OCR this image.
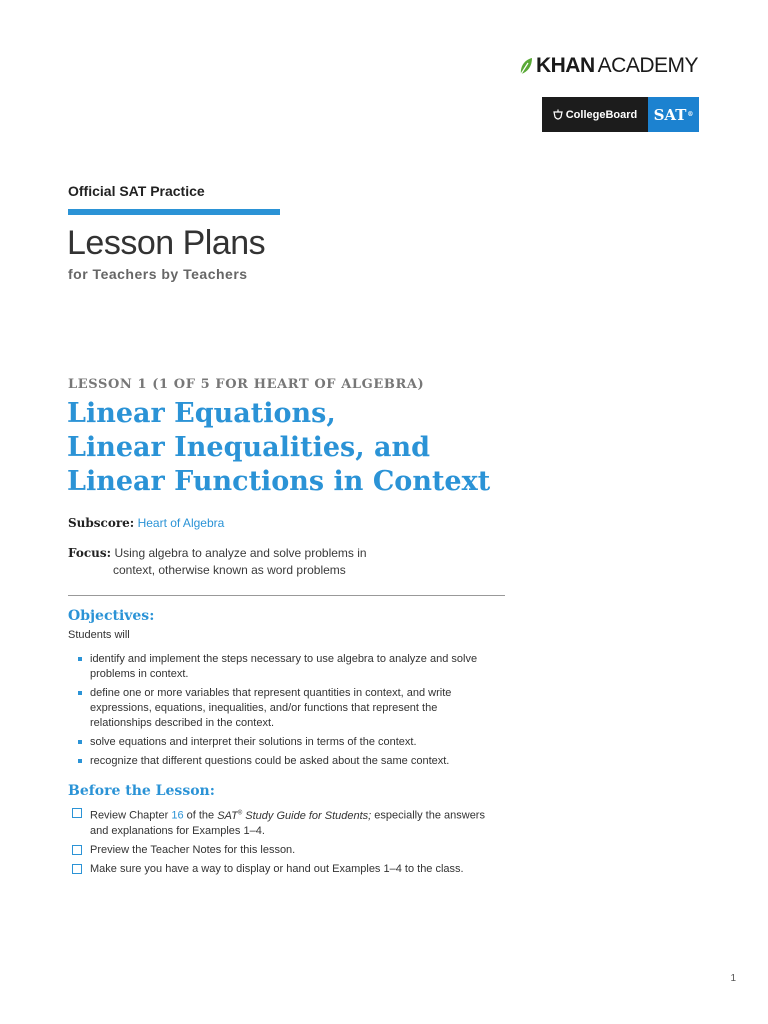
KHAN ACADEMY
CollegeBoard SAT ®
Official SAT Practice
Lesson Plans
for Teachers by Teachers
LESSON 1 (1 OF 5 FOR HEART OF ALGEBRA)
Linear Equations,
Linear Inequalities, and
Linear Functions in Context
Subscore: Heart of Algebra
Focus: Using algebra to analyze and solve problems in
context, otherwise known as word problems
Objectives:
Students will
identify and implement the steps necessary to use algebra to analyze and solve problems in context.
define one or more variables that represent quantities in context, and write expressions, equations, inequalities, and/or functions that represent the relationships described in the context.
solve equations and interpret their solutions in terms of the context.
recognize that different questions could be asked about the same context.
Before the Lesson:
Review Chapter 16 of the SAT® Study Guide for Students; especially the answers and explanations for Examples 1–4.
Preview the Teacher Notes for this lesson.
Make sure you have a way to display or hand out Examples 1–4 to the class.
1
